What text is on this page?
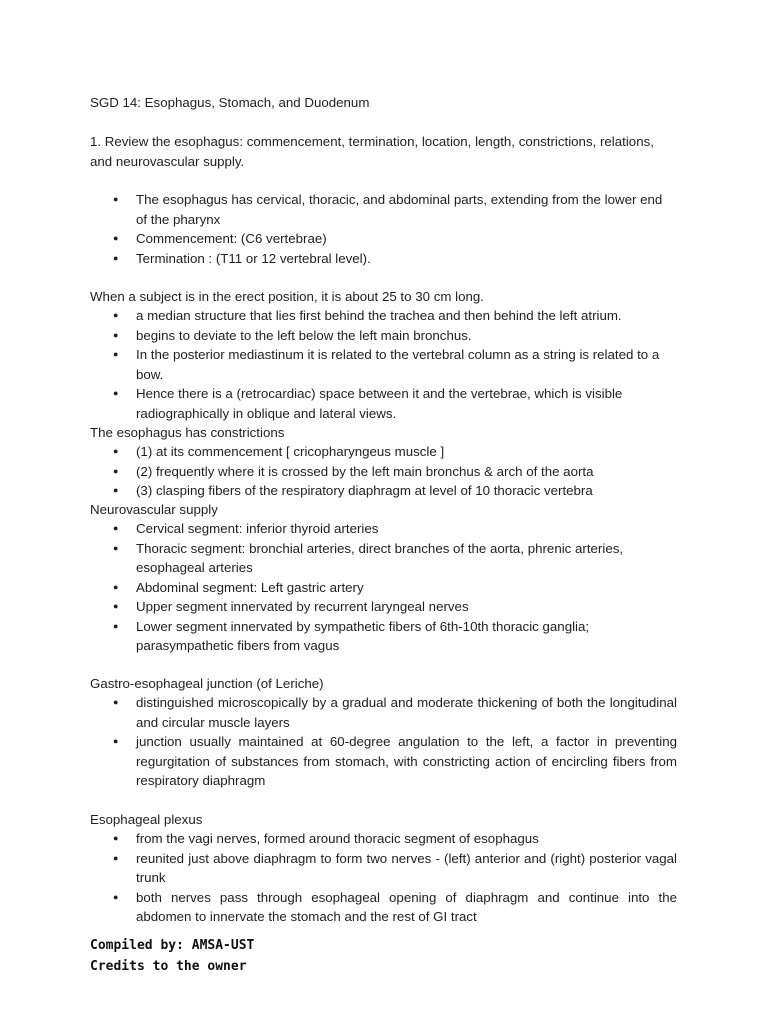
SGD 14: Esophagus, Stomach, and Duodenum

1. Review the esophagus: commencement, termination, location, length, constrictions, relations, and neurovascular supply.

● The esophagus has cervical, thoracic, and abdominal parts, extending from the lower end of the pharynx
● Commencement: (C6 vertebrae)
● Termination : (T11 or 12 vertebral level).

When a subject is in the erect position, it is about 25 to 30 cm long.

● a median structure that lies first behind the trachea and then behind the left atrium.
● begins to deviate to the left below the left main bronchus.
● In the posterior mediastinum it is related to the vertebral column as a string is related to a bow.
● Hence there is a (retrocardiac) space between it and the vertebrae, which is visible radiographically in oblique and lateral views.

The esophagus has constrictions

● (1) at its commencement [ cricopharyngeus muscle ]
● (2) frequently where it is crossed by the left main bronchus & arch of the aorta
● (3) clasping fibers of the respiratory diaphragm at level of 10 thoracic vertebra

Neurovascular supply

● Cervical segment: inferior thyroid arteries
● Thoracic segment: bronchial arteries, direct branches of the aorta, phrenic arteries, esophageal arteries
● Abdominal segment: Left gastric artery
● Upper segment innervated by recurrent laryngeal nerves
● Lower segment innervated by sympathetic fibers of 6th-10th thoracic ganglia; parasympathetic fibers from vagus

Gastro-esophageal junction (of Leriche)

● distinguished microscopically by a gradual and moderate thickening of both the longitudinal and circular muscle layers
● junction usually maintained at 60-degree angulation to the left, a factor in preventing regurgitation of substances from stomach, with constricting action of encircling fibers from respiratory diaphragm

Esophageal plexus

● from the vagi nerves, formed around thoracic segment of esophagus
● reunited just above diaphragm to form two nerves - (left) anterior and (right) posterior vagal trunk
● both nerves pass through esophageal opening of diaphragm and continue into the abdomen to innervate the stomach and the rest of GI tract

Compiled by: AMSA-UST

Credits to the owner
